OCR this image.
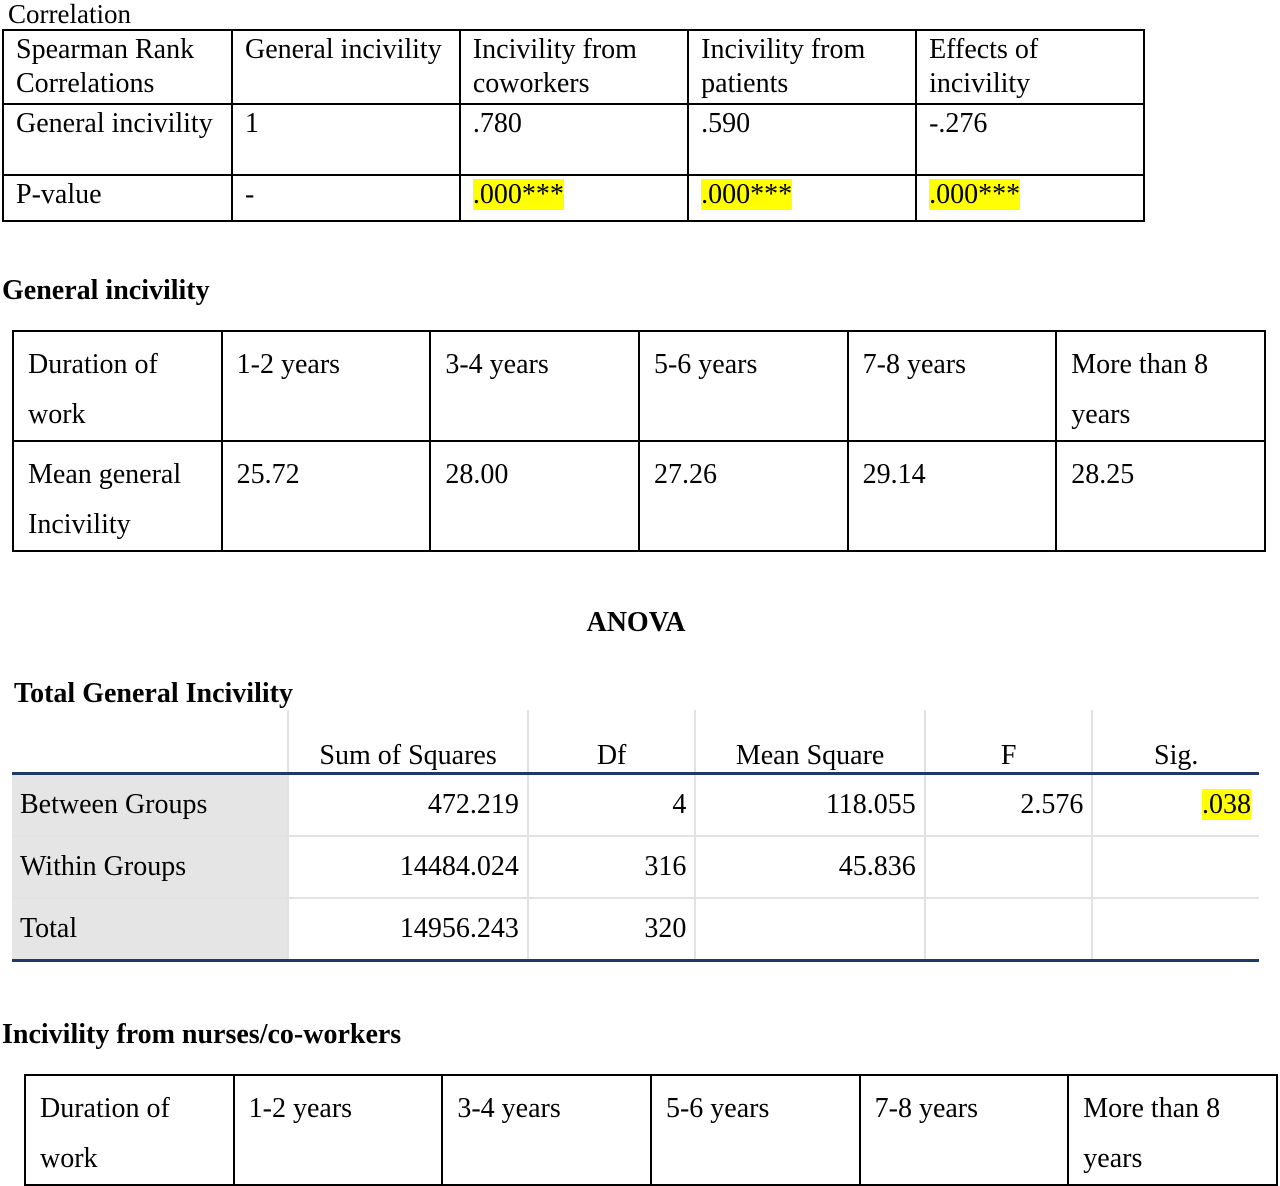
Correlation
Spearman Rank Correlations	General incivility	Incivility from coworkers	Incivility from patients	Effects of incivility
General incivility	1	.780	.590	-.276
P-value	-	.000***	.000***	.000***
General incivility
Duration of work	1-2 years	3-4 years	5-6 years	7-8 years	More than 8 years
Mean general Incivility	25.72	28.00	27.26	29.14	28.25
ANOVA
Total General Incivility
	Sum of Squares	Df	Mean Square	F	Sig.
Between Groups	472.219	4	118.055	2.576	.038
Within Groups	14484.024	316	45.836		
Total	14956.243	320			
Incivility from nurses/co-workers
Duration of work	1-2 years	3-4 years	5-6 years	7-8 years	More than 8 years
